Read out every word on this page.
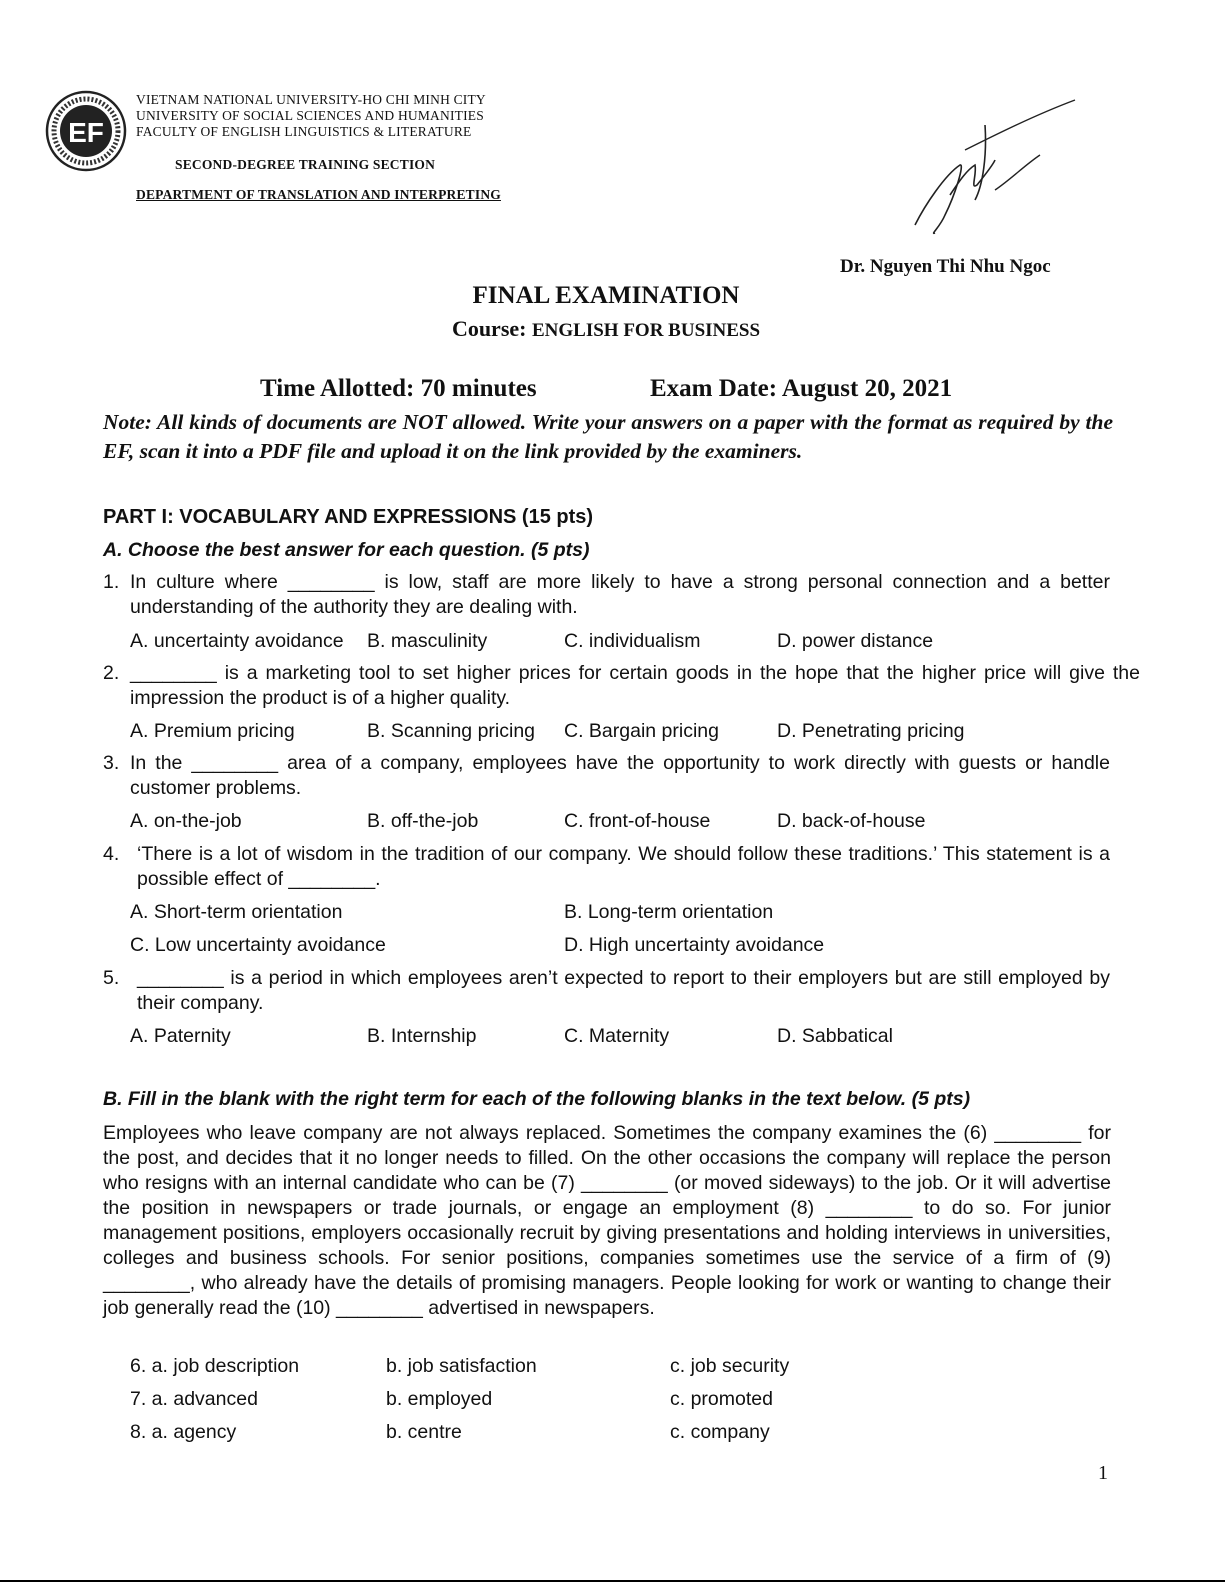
EF
VIETNAM NATIONAL UNIVERSITY-HO CHI MINH CITY
UNIVERSITY OF SOCIAL SCIENCES AND HUMANITIES
FACULTY OF ENGLISH LINGUISTICS & LITERATURE
SECOND-DEGREE TRAINING SECTION
DEPARTMENT OF TRANSLATION AND INTERPRETING
Dr. Nguyen Thi Nhu Ngoc
FINAL EXAMINATION
Course: ENGLISH FOR BUSINESS
Time Allotted: 70 minutes	Exam Date: August 20, 2021
Note: All kinds of documents are NOT allowed. Write your answers on a paper with the format as required by the EF, scan it into a PDF file and upload it on the link provided by the examiners.
PART I: VOCABULARY AND EXPRESSIONS (15 pts)
A. Choose the best answer for each question. (5 pts)
1. In culture where ________ is low, staff are more likely to have a strong personal connection and a better understanding of the authority they are dealing with.
A. uncertainty avoidance B. masculinity	C. individualism	D. power distance
2. ________ is a marketing tool to set higher prices for certain goods in the hope that the higher price will give the impression the product is of a higher quality.
A. Premium pricing	B. Scanning pricing C. Bargain pricing	D. Penetrating pricing
3. In the ________ area of a company, employees have the opportunity to work directly with guests or handle customer problems.
A. on-the-job	B. off-the-job	C. front-of-house	D. back-of-house
4. ‘There is a lot of wisdom in the tradition of our company. We should follow these traditions.’ This statement is a possible effect of ________.
A. Short-term orientation	B. Long-term orientation
C. Low uncertainty avoidance	D. High uncertainty avoidance
5. ________ is a period in which employees aren’t expected to report to their employers but are still employed by their company.
A. Paternity	B. Internship	C. Maternity	D. Sabbatical
B. Fill in the blank with the right term for each of the following blanks in the text below. (5 pts)
Employees who leave company are not always replaced. Sometimes the company examines the (6) ________ for the post, and decides that it no longer needs to filled. On the other occasions the company will replace the person who resigns with an internal candidate who can be (7) ________ (or moved sideways) to the job. Or it will advertise the position in newspapers or trade journals, or engage an employment (8) ________ to do so. For junior management positions, employers occasionally recruit by giving presentations and holding interviews in universities, colleges and business schools. For senior positions, companies sometimes use the service of a firm of (9) ________, who already have the details of promising managers. People looking for work or wanting to change their job generally read the (10) ________ advertised in newspapers.
6. a. job description	b. job satisfaction	c. job security
7. a. advanced	b. employed	c. promoted
8. a. agency	b. centre	c. company
1
